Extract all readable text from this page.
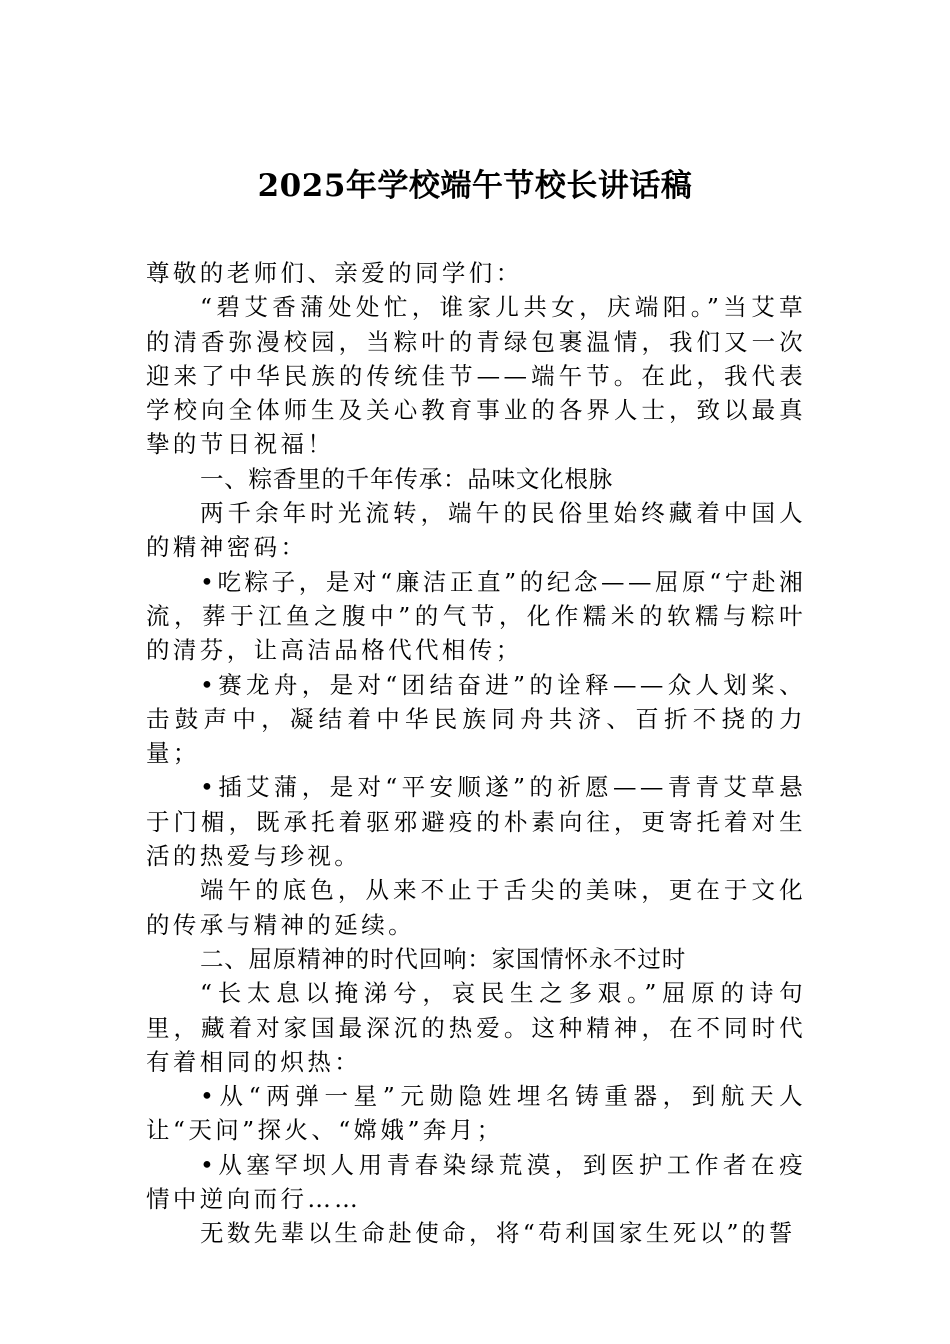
2025年学校端午节校长讲话稿

尊敬的老师们、亲爱的同学们：

“碧艾香蒲处处忙，谁家儿共女，庆端阳。”当艾草的清香弥漫校园，当粽叶的青绿包裹温情，我们又一次迎来了中华民族的传统佳节——端午节。在此，我代表学校向全体师生及关心教育事业的各界人士，致以最真挚的节日祝福！

一、粽香里的千年传承：品味文化根脉

两千余年时光流转，端午的民俗里始终藏着中国人的精神密码：

•吃粽子，是对“廉洁正直”的纪念——屈原“宁赴湘流，葬于江鱼之腹中”的气节，化作糯米的软糯与粽叶的清芬，让高洁品格代代相传；

•赛龙舟，是对“团结奋进”的诠释——众人划桨、击鼓声中，凝结着中华民族同舟共济、百折不挠的力量；

•插艾蒲，是对“平安顺遂”的祈愿——青青艾草悬于门楣，既承托着驱邪避疫的朴素向往，更寄托着对生活的热爱与珍视。

端午的底色，从来不止于舌尖的美味，更在于文化的传承与精神的延续。

二、屈原精神的时代回响：家国情怀永不过时

“长太息以掩涕兮，哀民生之多艰。”屈原的诗句里，藏着对家国最深沉的热爱。这种精神，在不同时代有着相同的炽热：

•从“两弹一星”元勋隐姓埋名铸重器，到航天人让“天问”探火、“嫦娥”奔月；

•从塞罕坝人用青春染绿荒漠，到医护工作者在疫情中逆向而行……

无数先辈以生命赴使命，将“苟利国家生死以”的誓
